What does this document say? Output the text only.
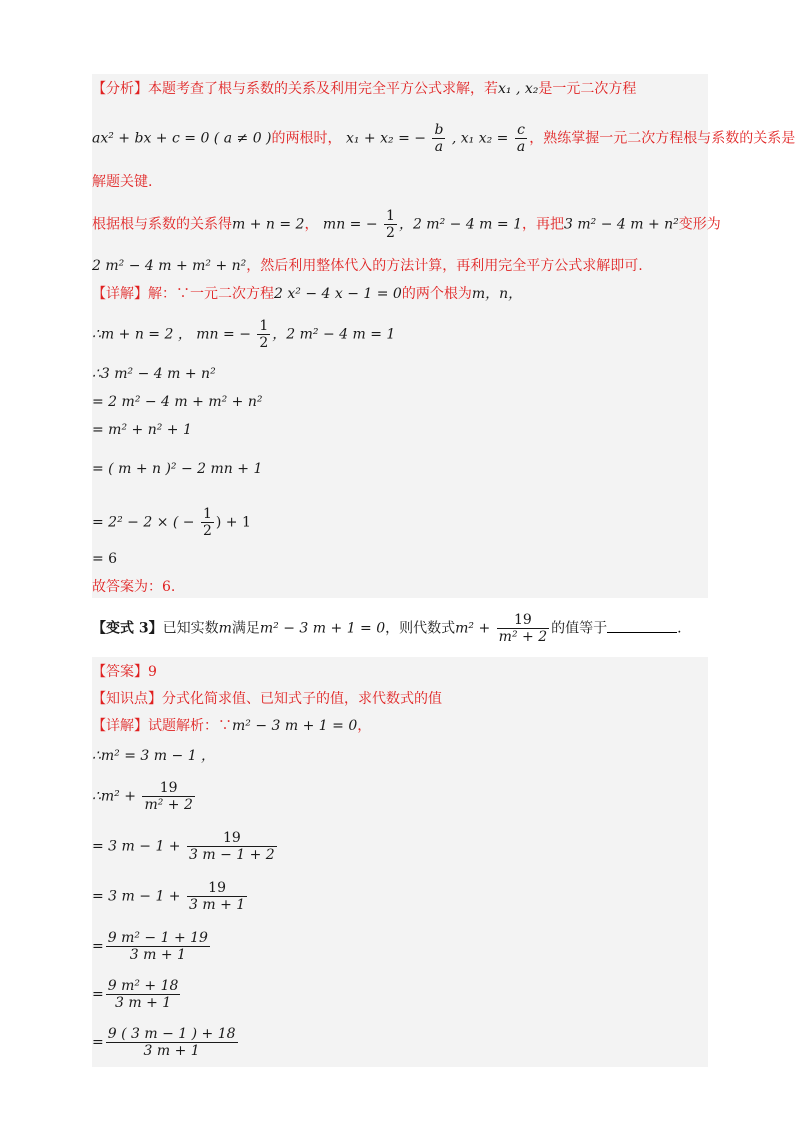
【分析】本题考查了根与系数的关系及利用完全平方公式求解，若x₁ , x₂是一元二次方程
ax² + bx + c = 0 ( a ≠ 0 )的两根时， x₁ + x₂ = − $\frac{b}{a}$ , x₁ $x_2 = \frac{c}{a}$ ，熟练掌握一元二次方程根与系数的关系是
解题关键.
根据根与系数的关系得m + n = 2， mn = − $\frac{1}{2}$ ，2 m² − 4 m = 1，再把3 m² − 4 m + n²变形为
2 m² − 4 m + m² + n²，然后利用整体代入的方法计算，再利用完全平方公式求解即可.
【详解】解：∵一元二次方程2 x² − 4 x − 1 = 0的两个根为m，n，
∴m + n = 2 ， mn = − $\frac{1}{2}$ ，2 m² − 4 m = 1
∴3 m² − 4 m + n²
= 2 m² − 4 m + m² + n²
= m² + n² + 1
= ( m + n )² − 2 mn + 1
= 2² − 2 × ( − $\frac{1}{2}$ ) + 1
= 6
故答案为：6.
【变式 3】已知实数m满足m² − 3 m + 1 = 0，则代数式$m^2 + \frac{19}{\text{m² + 2}}$ 的值等于	.
【答案】9
【知识点】分式化简求值、已知式子的值，求代数式的值
【详解】试题解析：∵m² − 3 m + 1 = 0，
∴m² = 3 m − 1 ，
∴m² + $\frac{19}{\text{m² + 2}}$
= 3 $m - 1 + \frac{19}{3 m - 1 + 2}$
= 3 $m - 1 + \frac{19}{3 m + 1}$
= $\frac{\text{9 m² − 1 + 19}}{3 m + 1}$
= $\frac{\text{9 m² + 18}}{3 m + 1}$
= $\frac{9 ( 3 m - 1 ) + 18}{3 m + 1}$
